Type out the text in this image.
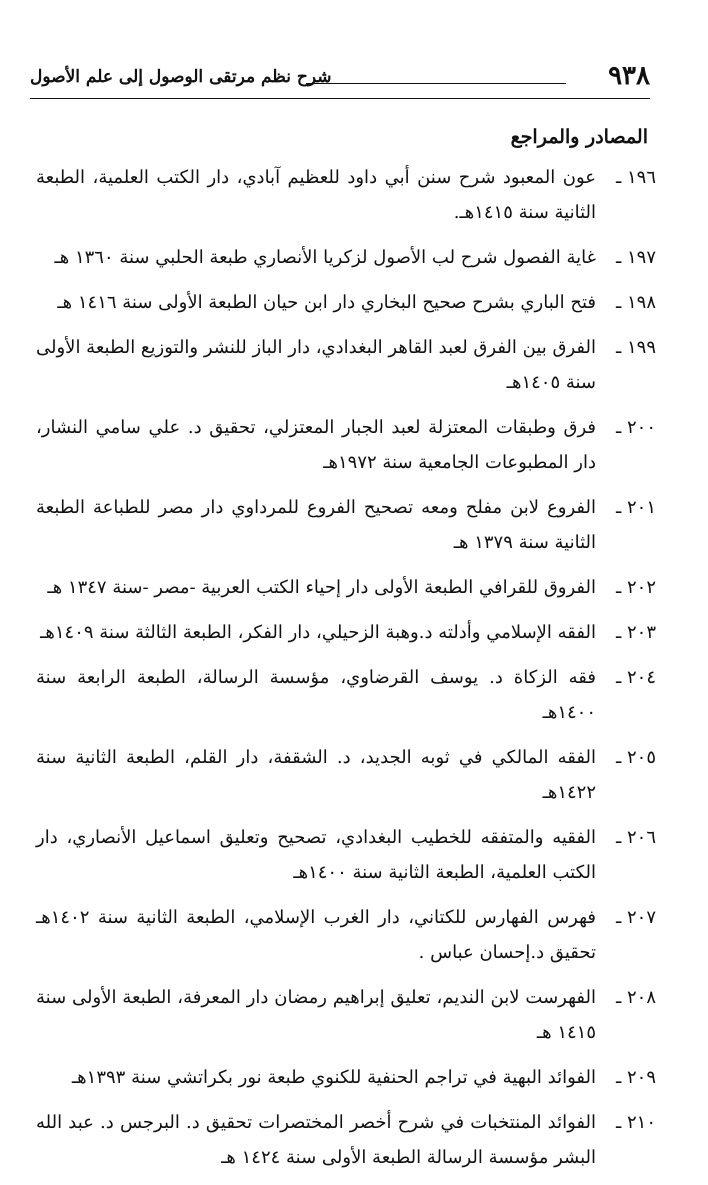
٩٣٨
شرح نظم مرتقى الوصول إلى علم الأصول
المصادر والمراجع
١٩٦ ـ
عون المعبود شرح سنن أبي داود للعظيم آبادي، دار الكتب العلمية، الطبعة الثانية سنة ١٤١٥هـ.
١٩٧ ـ
غاية الفصول شرح لب الأصول لزكريا الأنصاري طبعة الحلبي سنة ١٣٦٠ هـ
١٩٨ ـ
فتح الباري بشرح صحيح البخاري دار ابن حيان الطبعة الأولى سنة ١٤١٦ هـ
١٩٩ ـ
الفرق بين الفرق لعبد القاهر البغدادي، دار الباز للنشر والتوزيع الطبعة الأولى سنة ١٤٠٥هـ
٢٠٠ ـ
فرق وطبقات المعتزلة لعبد الجبار المعتزلي، تحقيق د. علي سامي النشار، دار المطبوعات الجامعية سنة ١٩٧٢هـ
٢٠١ ـ
الفروع لابن مفلح ومعه تصحيح الفروع للمرداوي دار مصر للطباعة الطبعة الثانية سنة ١٣٧٩ هـ
٢٠٢ ـ
الفروق للقرافي الطبعة الأولى دار إحياء الكتب العربية -مصر -سنة ١٣٤٧ هـ
٢٠٣ ـ
الفقه الإسلامي وأدلته د.وهبة الزحيلي، دار الفكر، الطبعة الثالثة سنة ١٤٠٩هـ
٢٠٤ ـ
فقه الزكاة د. يوسف القرضاوي، مؤسسة الرسالة، الطبعة الرابعة سنة ١٤٠٠هـ
٢٠٥ ـ
الفقه المالكي في ثوبه الجديد، د. الشقفة، دار القلم، الطبعة الثانية سنة ١٤٢٢هـ
٢٠٦ ـ
الفقيه والمتفقه للخطيب البغدادي، تصحيح وتعليق اسماعيل الأنصاري، دار الكتب العلمية، الطبعة الثانية سنة ١٤٠٠هـ
٢٠٧ ـ
فهرس الفهارس للكتاني، دار الغرب الإسلامي، الطبعة الثانية سنة ١٤٠٢هـ تحقيق د.إحسان عباس .
٢٠٨ ـ
الفهرست لابن النديم، تعليق إبراهيم رمضان دار المعرفة، الطبعة الأولى سنة ١٤١٥ هـ
٢٠٩ ـ
الفوائد البهية في تراجم الحنفية للكنوي طبعة نور بكراتشي سنة ١٣٩٣هـ
٢١٠ ـ
الفوائد المنتخبات في شرح أخصر المختصرات تحقيق د. البرجس د. عبد الله البشر مؤسسة الرسالة الطبعة الأولى سنة ١٤٢٤ هـ
